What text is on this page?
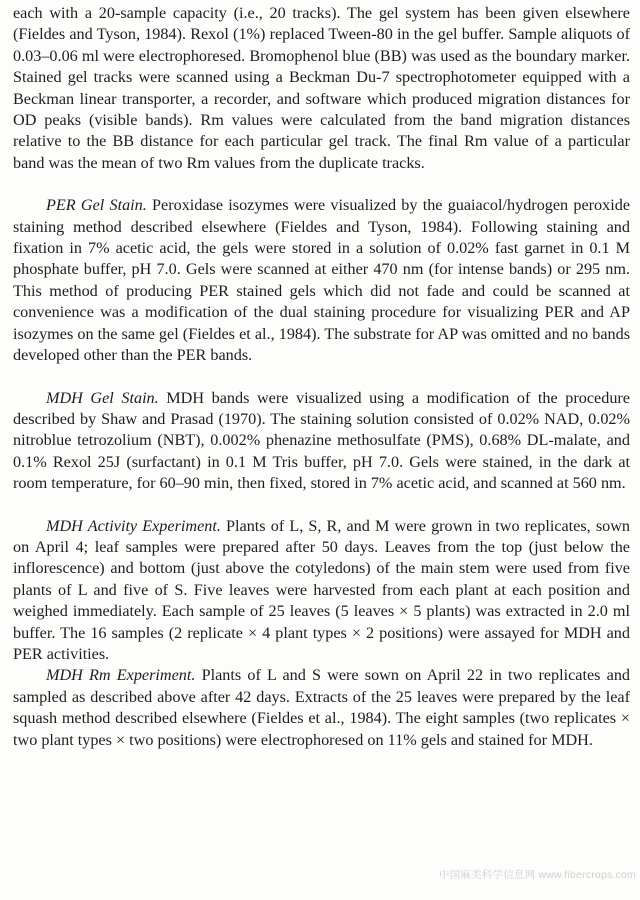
each with a 20-sample capacity (i.e., 20 tracks). The gel system has been given elsewhere (Fieldes and Tyson, 1984). Rexol (1%) replaced Tween-80 in the gel buffer. Sample aliquots of 0.03–0.06 ml were electrophoresed. Bromophenol blue (BB) was used as the boundary marker. Stained gel tracks were scanned using a Beckman Du-7 spectrophotometer equipped with a Beckman linear transporter, a recorder, and software which produced migration distances for OD peaks (visible bands). Rm values were calculated from the band migration distances relative to the BB distance for each particular gel track. The final Rm value of a particular band was the mean of two Rm values from the duplicate tracks.

PER Gel Stain. Peroxidase isozymes were visualized by the guaiacol/hydrogen peroxide staining method described elsewhere (Fieldes and Tyson, 1984). Following staining and fixation in 7% acetic acid, the gels were stored in a solution of 0.02% fast garnet in 0.1 M phosphate buffer, pH 7.0. Gels were scanned at either 470 nm (for intense bands) or 295 nm. This method of producing PER stained gels which did not fade and could be scanned at convenience was a modification of the dual staining procedure for visualizing PER and AP isozymes on the same gel (Fieldes et al., 1984). The substrate for AP was omitted and no bands developed other than the PER bands.

MDH Gel Stain. MDH bands were visualized using a modification of the procedure described by Shaw and Prasad (1970). The staining solution consisted of 0.02% NAD, 0.02% nitroblue tetrozolium (NBT), 0.002% phenazine methosulfate (PMS), 0.68% DL-malate, and 0.1% Rexol 25J (surfactant) in 0.1 M Tris buffer, pH 7.0. Gels were stained, in the dark at room temperature, for 60–90 min, then fixed, stored in 7% acetic acid, and scanned at 560 nm.

MDH Activity Experiment. Plants of L, S, R, and M were grown in two replicates, sown on April 4; leaf samples were prepared after 50 days. Leaves from the top (just below the inflorescence) and bottom (just above the cotyledons) of the main stem were used from five plants of L and five of S. Five leaves were harvested from each plant at each position and weighed immediately. Each sample of 25 leaves (5 leaves × 5 plants) was extracted in 2.0 ml buffer. The 16 samples (2 replicate × 4 plant types × 2 positions) were assayed for MDH and PER activities.

MDH Rm Experiment. Plants of L and S were sown on April 22 in two replicates and sampled as described above after 42 days. Extracts of the 25 leaves were prepared by the leaf squash method described elsewhere (Fieldes et al., 1984). The eight samples (two replicates × two plant types × two positions) were electrophoresed on 11% gels and stained for MDH.

中国麻类科学信息网 www.fibercrops.com
